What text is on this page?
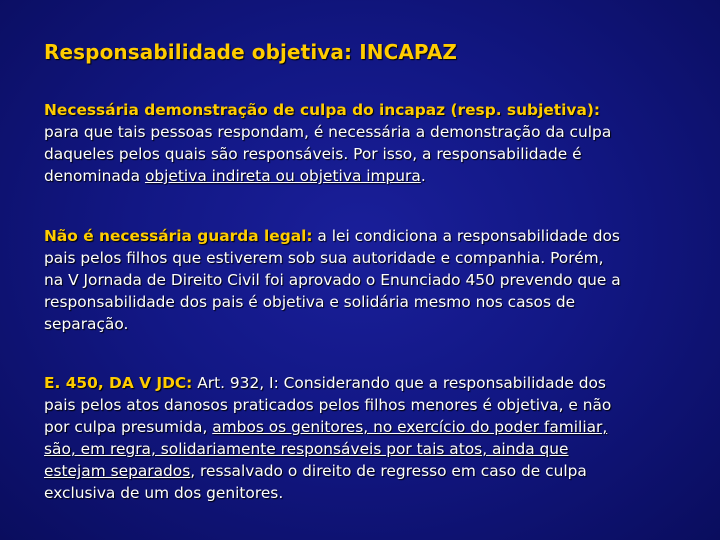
Responsabilidade objetiva: INCAPAZ
Necessária demonstração de culpa do incapaz (resp. subjetiva):
para que tais pessoas respondam, é necessária a demonstração da culpa
daqueles pelos quais são responsáveis. Por isso, a responsabilidade é
denominada objetiva indireta ou objetiva impura.
Não é necessária guarda legal: a lei condiciona a responsabilidade dos
pais pelos filhos que estiverem sob sua autoridade e companhia. Porém,
na V Jornada de Direito Civil foi aprovado o Enunciado 450 prevendo que a
responsabilidade dos pais é objetiva e solidária mesmo nos casos de
separação.
E. 450, DA V JDC: Art. 932, I: Considerando que a responsabilidade dos
pais pelos atos danosos praticados pelos filhos menores é objetiva, e não
por culpa presumida, ambos os genitores, no exercício do poder familiar,
são, em regra, solidariamente responsáveis por tais atos, ainda que
estejam separados, ressalvado o direito de regresso em caso de culpa
exclusiva de um dos genitores.
